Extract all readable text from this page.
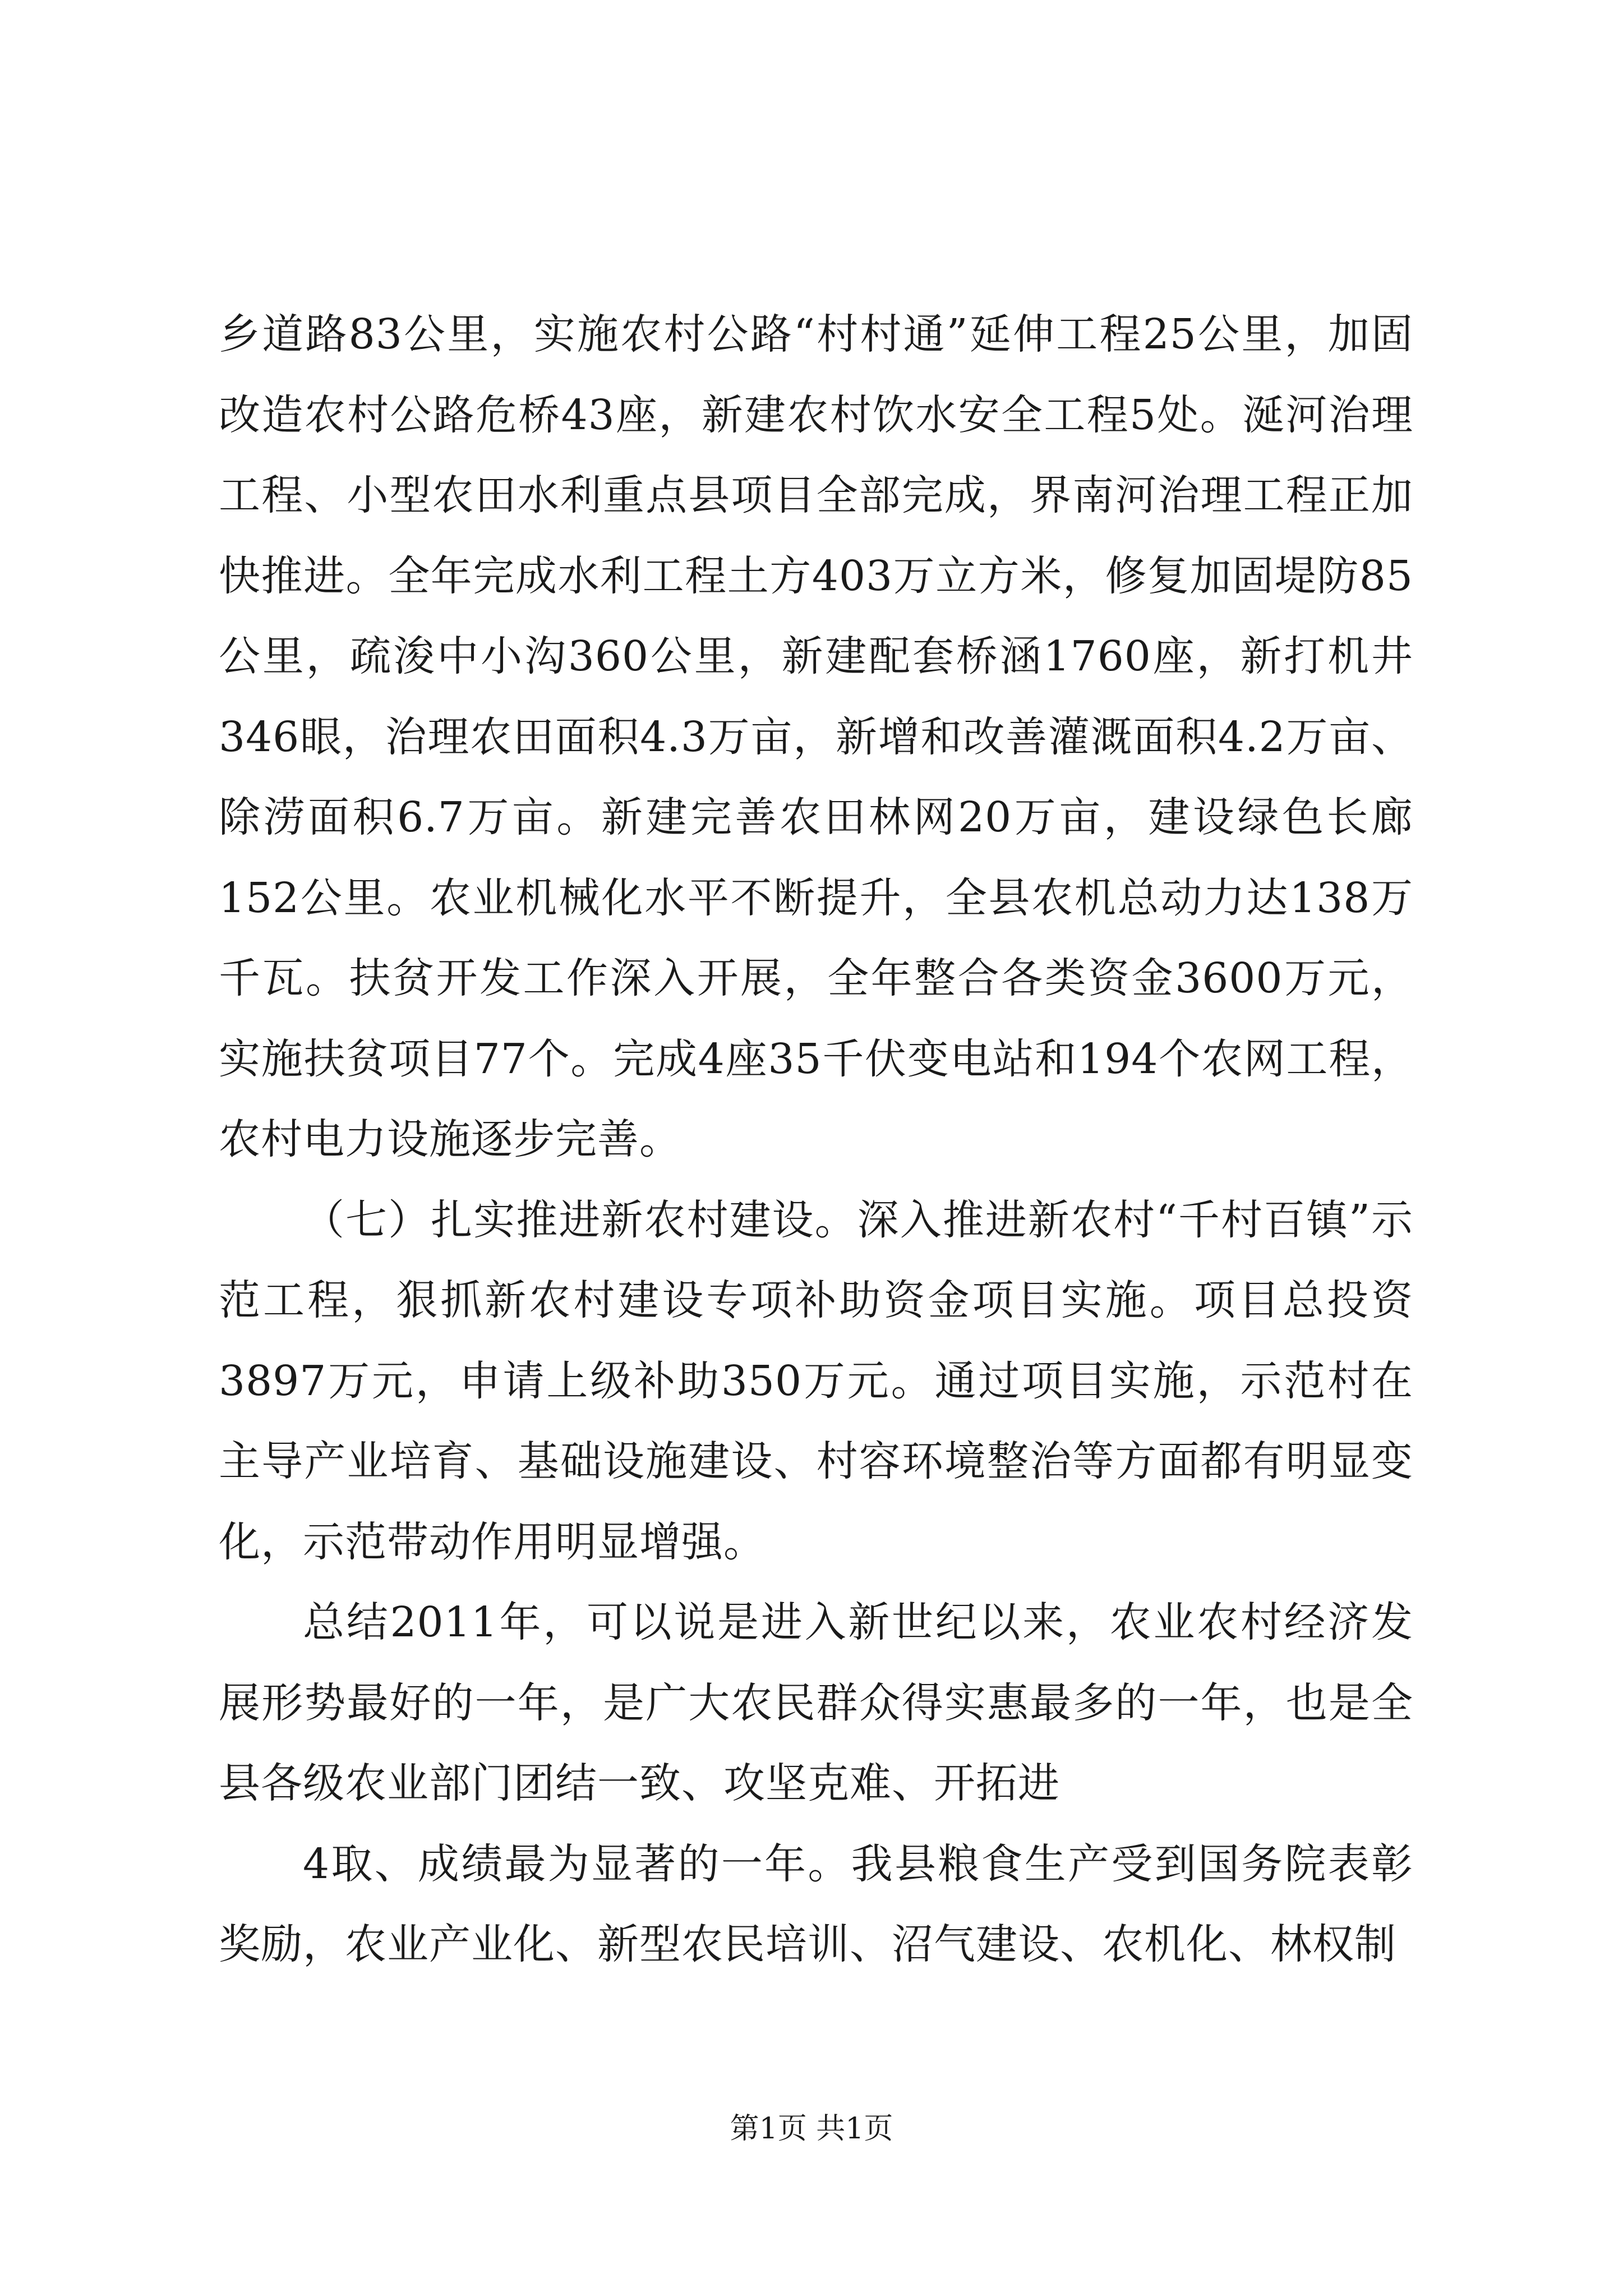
乡道路83公里，实施农村公路“村村通”延伸工程25公里，加固改造农村公路危桥43座，新建农村饮水安全工程5处。涎河治理工程、小型农田水利重点县项目全部完成，界南河治理工程正加快推进。全年完成水利工程土方403万立方米，修复加固堤防85公里，疏浚中小沟360公里，新建配套桥涵1760座，新打机井346眼，治理农田面积4.3万亩，新增和改善灌溉面积4.2万亩、除涝面积6.7万亩。新建完善农田林网20万亩，建设绿色长廊152公里。农业机械化水平不断提升，全县农机总动力达138万千瓦。扶贫开发工作深入开展，全年整合各类资金3600万元，实施扶贫项目77个。完成4座35千伏变电站和194个农网工程，农村电力设施逐步完善。

（七）扎实推进新农村建设。深入推进新农村“千村百镇”示范工程，狠抓新农村建设专项补助资金项目实施。项目总投资3897万元，申请上级补助350万元。通过项目实施，示范村在主导产业培育、基础设施建设、村容环境整治等方面都有明显变化，示范带动作用明显增强。

总结2011年，可以说是进入新世纪以来，农业农村经济发展形势最好的一年，是广大农民群众得实惠最多的一年，也是全县各级农业部门团结一致、攻坚克难、开拓进

4取、成绩最为显著的一年。我县粮食生产受到国务院表彰奖励，农业产业化、新型农民培训、沼气建设、农机化、林权制

第1页 共1页
